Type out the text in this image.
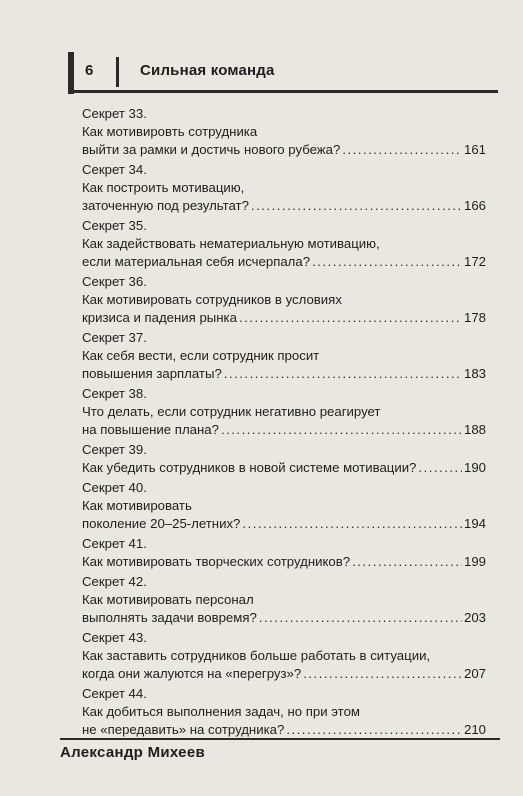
6	Сильная команда
Секрет 33.
Как мотивировть сотрудника
выйти за рамки и достичь нового рубежа? .....	161
Секрет 34.
Как построить мотивацию,
заточенную под результат? .....	166
Секрет 35.
Как задействовать нематериальную мотивацию,
если материальная себя исчерпала? .....	172
Секрет 36.
Как мотивировать сотрудников в условиях
кризиса и падения рынка .....	178
Секрет 37.
Как себя вести, если сотрудник просит
повышения зарплаты? .....	183
Секрет 38.
Что делать, если сотрудник негативно реагирует
на повышение плана? .....	188
Секрет 39.
Как убедить сотрудников в новой системе мотивации? .....	190
Секрет 40.
Как мотивировать
поколение 20–25-летних? .....	194
Секрет 41.
Как мотивировать творческих сотрудников? .....	199
Секрет 42.
Как мотивировать персонал
выполнять задачи вовремя? .....	203
Секрет 43.
Как заставить сотрудников больше работать в ситуации,
когда они жалуются на «перегруз»? .....	207
Секрет 44.
Как добиться выполнения задач, но при этом
не «передавить» на сотрудника? .....	210
Александр Михеев
